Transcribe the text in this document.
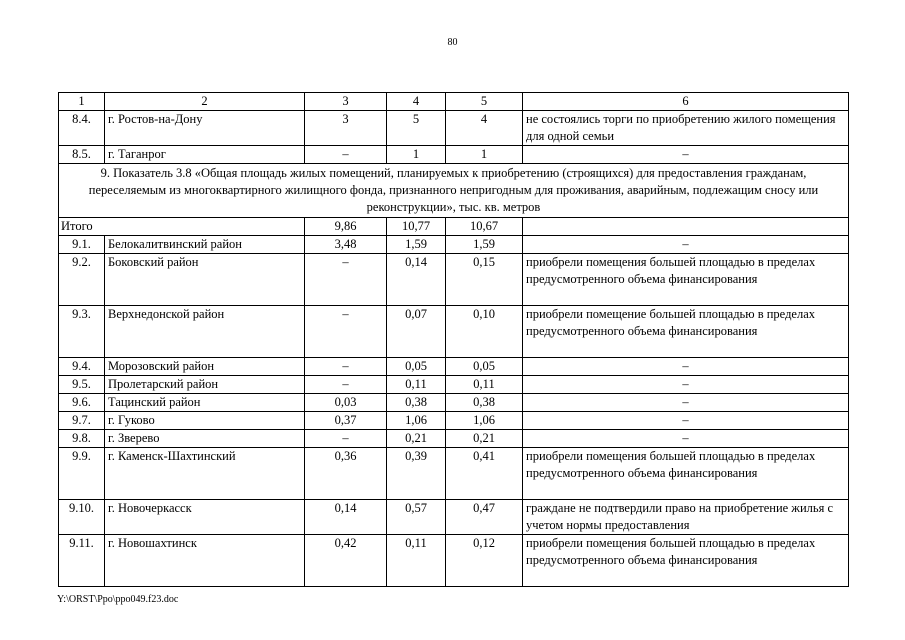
80
1	2	3	4	5	6
8.4.	г. Ростов-на-Дону	3	5	4	не состоялись торги по приобретению жилого помещения для одной семьи
8.5.	г. Таганрог	–	1	1	–
9. Показатель 3.8 «Общая площадь жилых помещений, планируемых к приобретению (строящихся) для предоставления гражданам, переселяемым из многоквартирного жилищного фонда, признанного непригодным для проживания, аварийным, подлежащим сносу или реконструкции», тыс. кв. метров					
Итого		9,86	10,77	10,67	
9.1.	Белокалитвинский район	3,48	1,59	1,59	–
9.2.	Боковский район	–	0,14	0,15	приобрели помещения большей площадью в пределах предусмотренного объема финансирования
9.3.	Верхнедонской район	–	0,07	0,10	приобрели помещение большей площадью в пределах предусмотренного объема финансирования
9.4.	Морозовский район	–	0,05	0,05	–
9.5.	Пролетарский район	–	0,11	0,11	–
9.6.	Тацинский район	0,03	0,38	0,38	–
9.7.	г. Гуково	0,37	1,06	1,06	–
9.8.	г. Зверево	–	0,21	0,21	–
9.9.	г. Каменск-Шахтинский	0,36	0,39	0,41	приобрели помещения большей площадью в пределах предусмотренного объема финансирования
9.10.	г. Новочеркасск	0,14	0,57	0,47	граждане не подтвердили право на приобретение жилья с учетом нормы предоставления
9.11.	г. Новошахтинск	0,42	0,11	0,12	приобрели помещения большей площадью в пределах предусмотренного объема финансирования
Y:\ORST\Ppo\ppo049.f23.doc
